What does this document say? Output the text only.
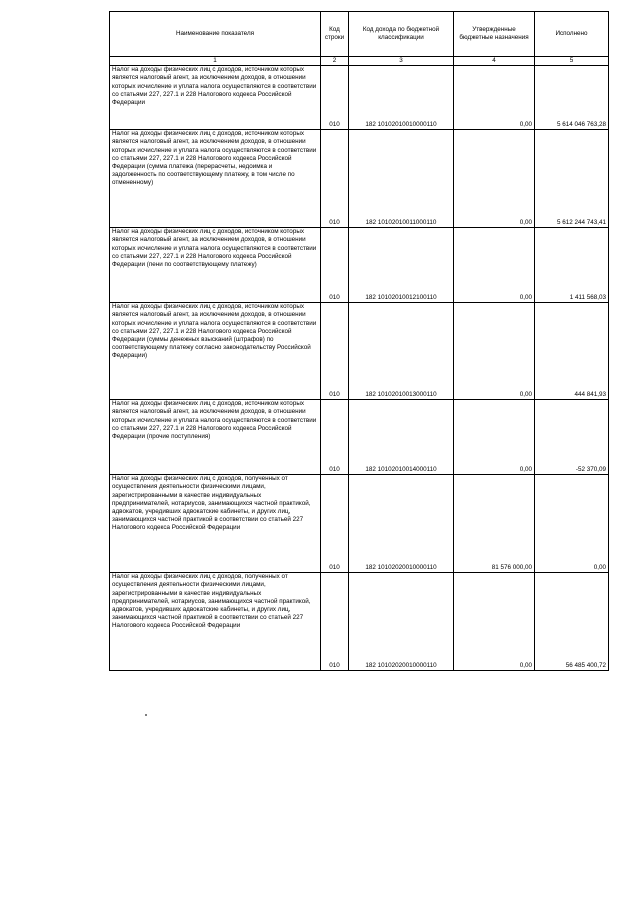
Наименование показателя	Код строки	Код дохода по бюджетной классификации	Утвержденные бюджетные назначения	Исполнено
1	2	3	4	5
Налог на доходы физических лиц с доходов, источником которых является налоговый агент, за исключением доходов, в отношении которых исчисление и уплата налога осуществляются в соответствии со статьями 227, 227.1 и 228 Налогового кодекса Российской Федерации	010	182 10102010010000110	0,00	5 614 046 763,28
Налог на доходы физических лиц с доходов, источником которых является налоговый агент, за исключением доходов, в отношении которых исчисление и уплата налога осуществляются в соответствии со статьями 227, 227.1 и 228 Налогового кодекса Российской Федерации (сумма платежа (перерасчеты, недоимка и задолженность по соответствующему платежу, в том числе по отмененному)	010	182 10102010011000110	0,00	5 612 244 743,41
Налог на доходы физических лиц с доходов, источником которых является налоговый агент, за исключением доходов, в отношении которых исчисление и уплата налога осуществляются в соответствии со статьями 227, 227.1 и 228 Налогового кодекса Российской Федерации (пени по соответствующему платежу)	010	182 10102010012100110	0,00	1 411 568,03
Налог на доходы физических лиц с доходов, источником которых является налоговый агент, за исключением доходов, в отношении которых исчисление и уплата налога осуществляются в соответствии со статьями 227, 227.1 и 228 Налогового кодекса Российской Федерации (суммы денежных взысканий (штрафов) по соответствующему платежу согласно законодательству Российской Федерации)	010	182 10102010013000110	0,00	444 841,93
Налог на доходы физических лиц с доходов, источником которых является налоговый агент, за исключением доходов, в отношении которых исчисление и уплата налога осуществляются в соответствии со статьями 227, 227.1 и 228 Налогового кодекса Российской Федерации (прочие поступления)	010	182 10102010014000110	0,00	-52 370,09
Налог на доходы физических лиц с доходов, полученных от осуществления деятельности физическими лицами, зарегистрированными в качестве индивидуальных предпринимателей, нотариусов, занимающихся частной практикой, адвокатов, учредивших адвокатские кабинеты, и других лиц, занимающихся частной практикой в соответствии со статьей 227 Налогового кодекса Российской Федерации	010	182 10102020010000110	81 576 000,00	0,00
Налог на доходы физических лиц с доходов, полученных от осуществления деятельности физическими лицами, зарегистрированными в качестве индивидуальных предпринимателей, нотариусов, занимающихся частной практикой, адвокатов, учредивших адвокатские кабинеты, и других лиц, занимающихся частной практикой в соответствии со статьей 227 Налогового кодекса Российской Федерации	010	182 10102020010000110	0,00	56 485 400,72
